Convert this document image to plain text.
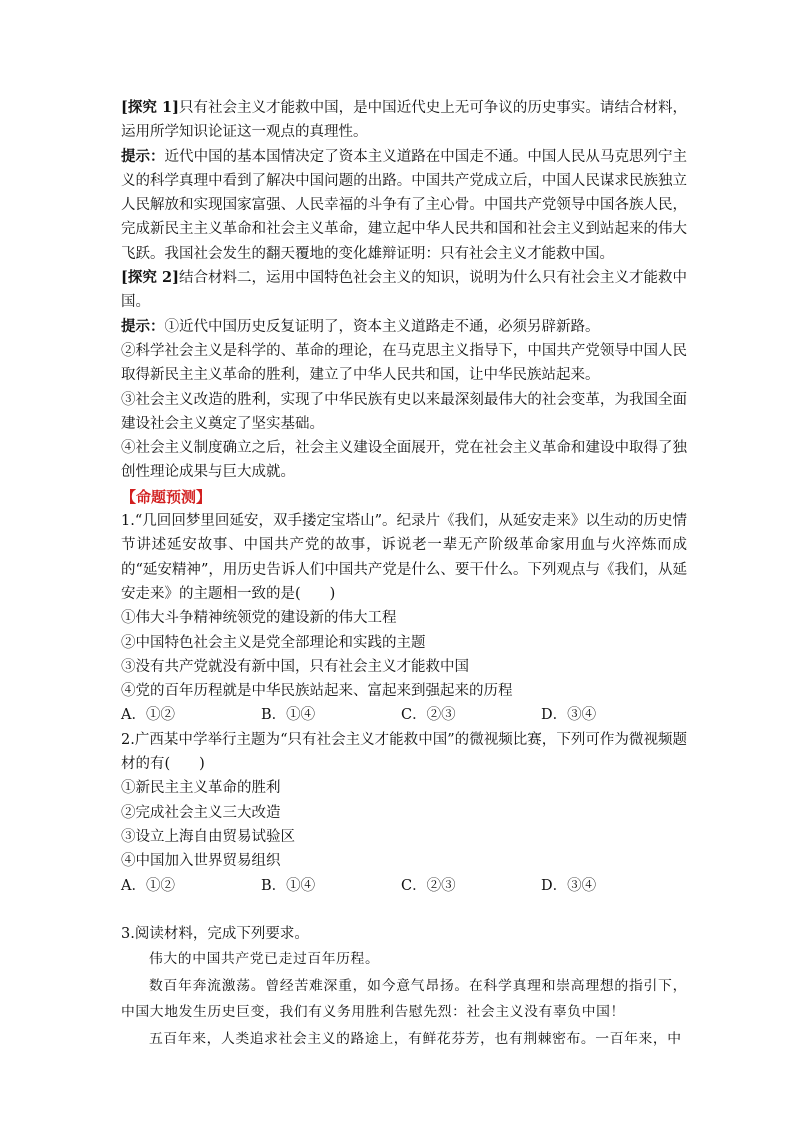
[探究 1]只有社会主义才能救中国，是中国近代史上无可争议的历史事实。请结合材料，运用所学知识论证这一观点的真理性。

提示：近代中国的基本国情决定了资本主义道路在中国走不通。中国人民从马克思列宁主义的科学真理中看到了解决中国问题的出路。中国共产党成立后，中国人民谋求民族独立人民解放和实现国家富强、人民幸福的斗争有了主心骨。中国共产党领导中国各族人民，完成新民主主义革命和社会主义革命，建立起中华人民共和国和社会主义到站起来的伟大飞跃。我国社会发生的翻天覆地的变化雄辩证明：只有社会主义才能救中国。

[探究 2]结合材料二，运用中国特色社会主义的知识，说明为什么只有社会主义才能救中国。

提示：①近代中国历史反复证明了，资本主义道路走不通，必须另辟新路。

②科学社会主义是科学的、革命的理论，在马克思主义指导下，中国共产党领导中国人民取得新民主主义革命的胜利，建立了中华人民共和国，让中华民族站起来。

③社会主义改造的胜利，实现了中华民族有史以来最深刻最伟大的社会变革，为我国全面建设社会主义奠定了坚实基础。

④社会主义制度确立之后，社会主义建设全面展开，党在社会主义革命和建设中取得了独创性理论成果与巨大成就。

【命题预测】

1.“几回回梦里回延安，双手搂定宝塔山”。纪录片《我们，从延安走来》以生动的历史情节讲述延安故事、中国共产党的故事，诉说老一辈无产阶级革命家用血与火淬炼而成的“延安精神”，用历史告诉人们中国共产党是什么、要干什么。下列观点与《我们，从延安走来》的主题相一致的是(　　)

①伟大斗争精神统领党的建设新的伟大工程

②中国特色社会主义是党全部理论和实践的主题

③没有共产党就没有新中国，只有社会主义才能救中国

④党的百年历程就是中华民族站起来、富起来到强起来的历程

A．①②	B．①④	C．②③	D．③④

2.广西某中学举行主题为“只有社会主义才能救中国”的微视频比赛，下列可作为微视频题材的有(　　)

①新民主主义革命的胜利

②完成社会主义三大改造

③设立上海自由贸易试验区

④中国加入世界贸易组织

A．①②	B．①④	C．②③	D．③④

3.阅读材料，完成下列要求。

伟大的中国共产党已走过百年历程。

数百年奔流激荡。曾经苦难深重，如今意气昂扬。在科学真理和崇高理想的指引下，中国大地发生历史巨变，我们有义务用胜利告慰先烈：社会主义没有辜负中国！

五百年来，人类追求社会主义的路途上，有鲜花芬芳，也有荆棘密布。一百年来，中
